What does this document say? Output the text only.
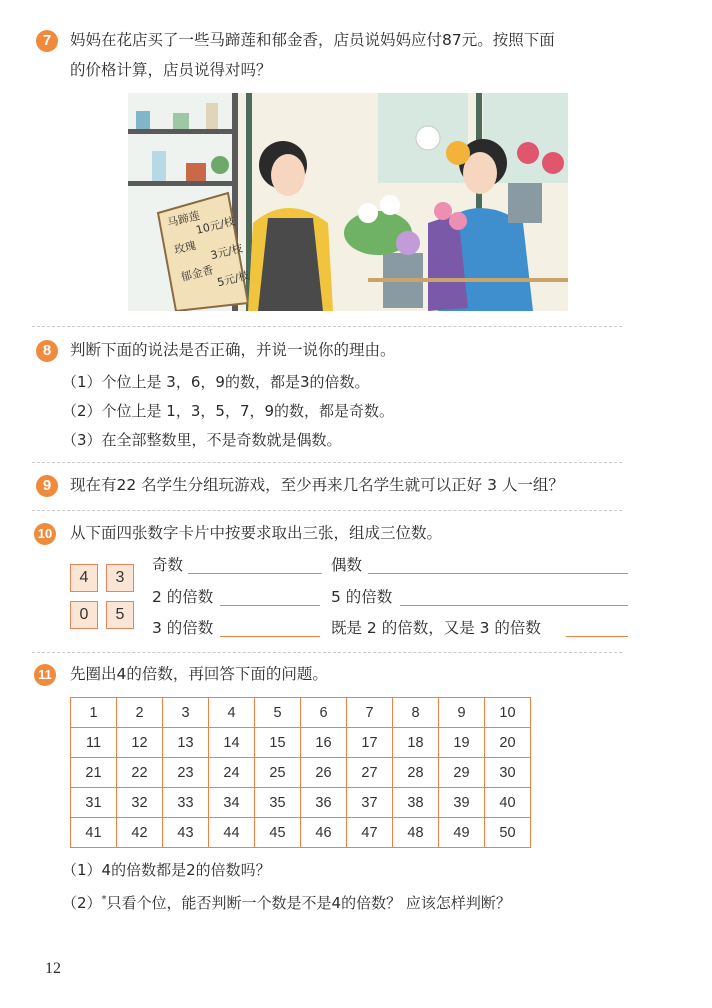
7	妈妈在花店买了一些马蹄莲和郁金香，店员说妈妈应付87元。按照下面
的价格计算，店员说得对吗？
马蹄莲
10元/枝
玫瑰	3元/枝
郁金香 5元/枝
8	判断下面的说法是否正确，并说一说你的理由。
（1）个位上是 3，6，9的数，都是3的倍数。
（2）个位上是 1，3，5，7，9的数，都是奇数。
（3）在全部整数里，不是奇数就是偶数。
9	现在有22 名学生分组玩游戏，至少再来几名学生就可以正好 3 人一组？
10 从下面四张数字卡片中按要求取出三张，组成三位数。
4	3
0	5
奇数	偶数
2 的倍数	5 的倍数
3 的倍数	既是 2 的倍数，又是 3 的倍数
11 先圈出4的倍数，再回答下面的问题。
1	2	3	4	5	6	7	8	9	10
11	12	13	14	15	16	17	18	19	20
21	22	23	24	25	26	27	28	29	30
31	32	33	34	35	36	37	38	39	40
41	42	43	44	45	46	47	48	49	50
（1）4的倍数都是2的倍数吗？
（2）*只看个位，能否判断一个数是不是4的倍数？ 应该怎样判断？
12
